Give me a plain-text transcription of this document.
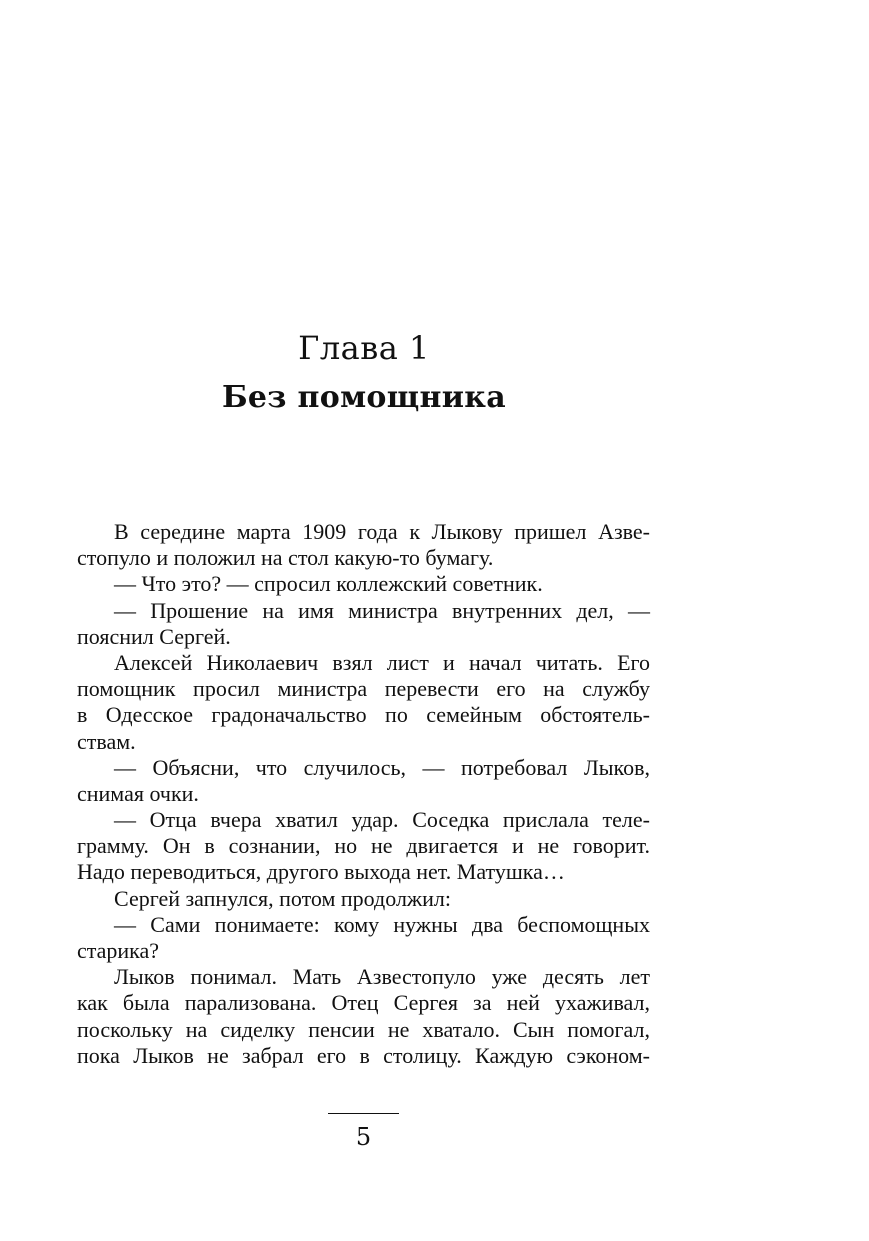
Глава 1
Без помощника
В середине марта 1909 года к Лыкову пришел Азве-
стопуло и положил на стол какую-то бумагу.
— Что это? — спросил коллежский советник.
— Прошение на имя министра внутренних дел, —
пояснил Сергей.
Алексей Николаевич взял лист и начал читать. Его
помощник просил министра перевести его на службу
в Одесское градоначальство по семейным обстоятель-
ствам.
— Объясни, что случилось, — потребовал Лыков,
снимая очки.
— Отца вчера хватил удар. Соседка прислала теле-
грамму. Он в сознании, но не двигается и не говорит.
Надо переводиться, другого выхода нет. Матушка…
Сергей запнулся, потом продолжил:
— Сами понимаете: кому нужны два беспомощных
старика?
Лыков понимал. Мать Азвестопуло уже десять лет
как была парализована. Отец Сергея за ней ухаживал,
поскольку на сиделку пенсии не хватало. Сын помогал,
пока Лыков не забрал его в столицу. Каждую сэконом-
5
